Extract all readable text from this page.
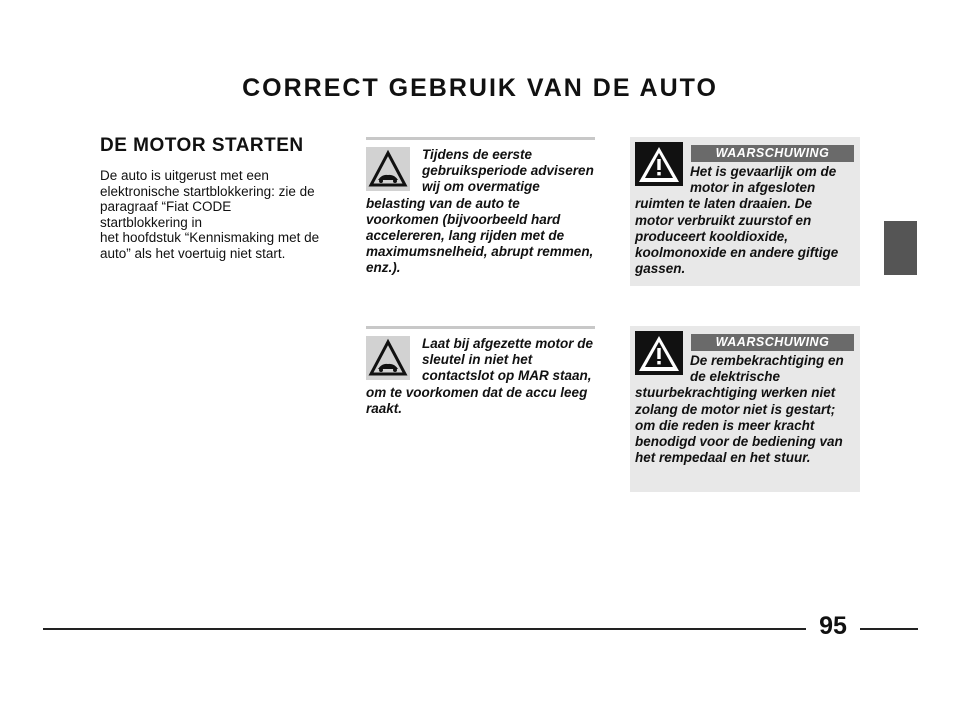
CORRECT GEBRUIK VAN DE AUTO
DE MOTOR STARTEN
De auto is uitgerust met een
elektronische startblokkering: zie de
paragraaf “Fiat CODE
startblokkering in
het hoofdstuk “Kennismaking met de
auto” als het voertuig niet start.
Tijdens de eerste gebruiksperiode adviseren wij om overmatige belasting van de auto te voorkomen (bijvoorbeeld hard accelereren, lang rijden met de maximumsnelheid, abrupt remmen, enz.).
Laat bij afgezette motor de sleutel in niet het contactslot op MAR staan, om te voorkomen dat de accu leeg raakt.
WAARSCHUWING
Het is gevaarlijk om de motor in afgesloten ruimten te laten draaien. De motor verbruikt zuurstof en produceert kooldioxide, koolmonoxide en andere giftige gassen.
WAARSCHUWING
De rembekrachtiging en de elektrische stuurbekrachtiging werken niet zolang de motor niet is gestart; om die reden is meer kracht benodigd voor de bediening van het rempedaal en het stuur.
95
